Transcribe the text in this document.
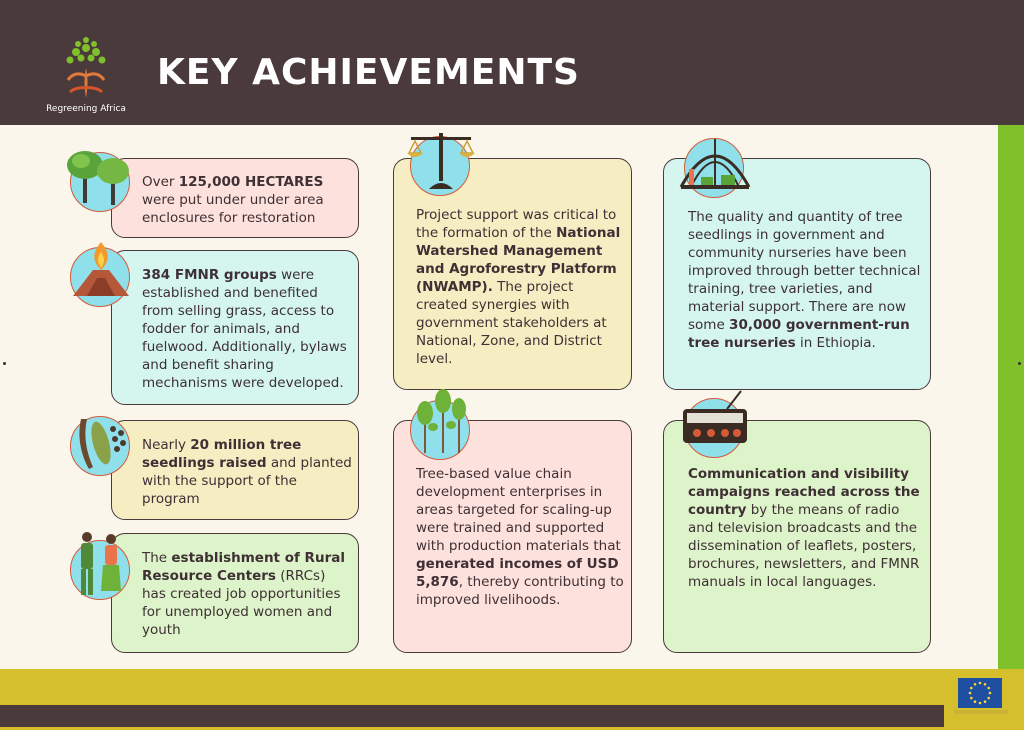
Regreening Africa
KEY ACHIEVEMENTS
Over 125,000 HECTARES were put under under area enclosures for restoration
384 FMNR groups were established and benefited from selling grass, access to fodder for animals, and fuelwood. Additionally, bylaws and benefit sharing mechanisms were developed.
Nearly 20 million tree seedlings raised and planted with the support of the program
The establishment of Rural Resource Centers (RRCs) has created job opportunities for unemployed women and youth
Project support was critical to the formation of the National Watershed Management and Agroforestry Platform (NWAMP). The project created synergies with government stakeholders at National, Zone, and District level.
Tree-based value chain development enterprises in areas targeted for scaling-up were trained and supported with production materials that generated incomes of USD 5,876, thereby contributing to improved livelihoods.
The quality and quantity of tree seedlings in government and community nurseries have been improved through better technical training, tree varieties, and material support. There are now some 30,000 government-run tree nurseries in Ethiopia.
Communication and visibility campaigns reached across the country by the means of radio and television broadcasts and the dissemination of leaflets, posters, brochures, newsletters, and FMNR manuals in local languages.
